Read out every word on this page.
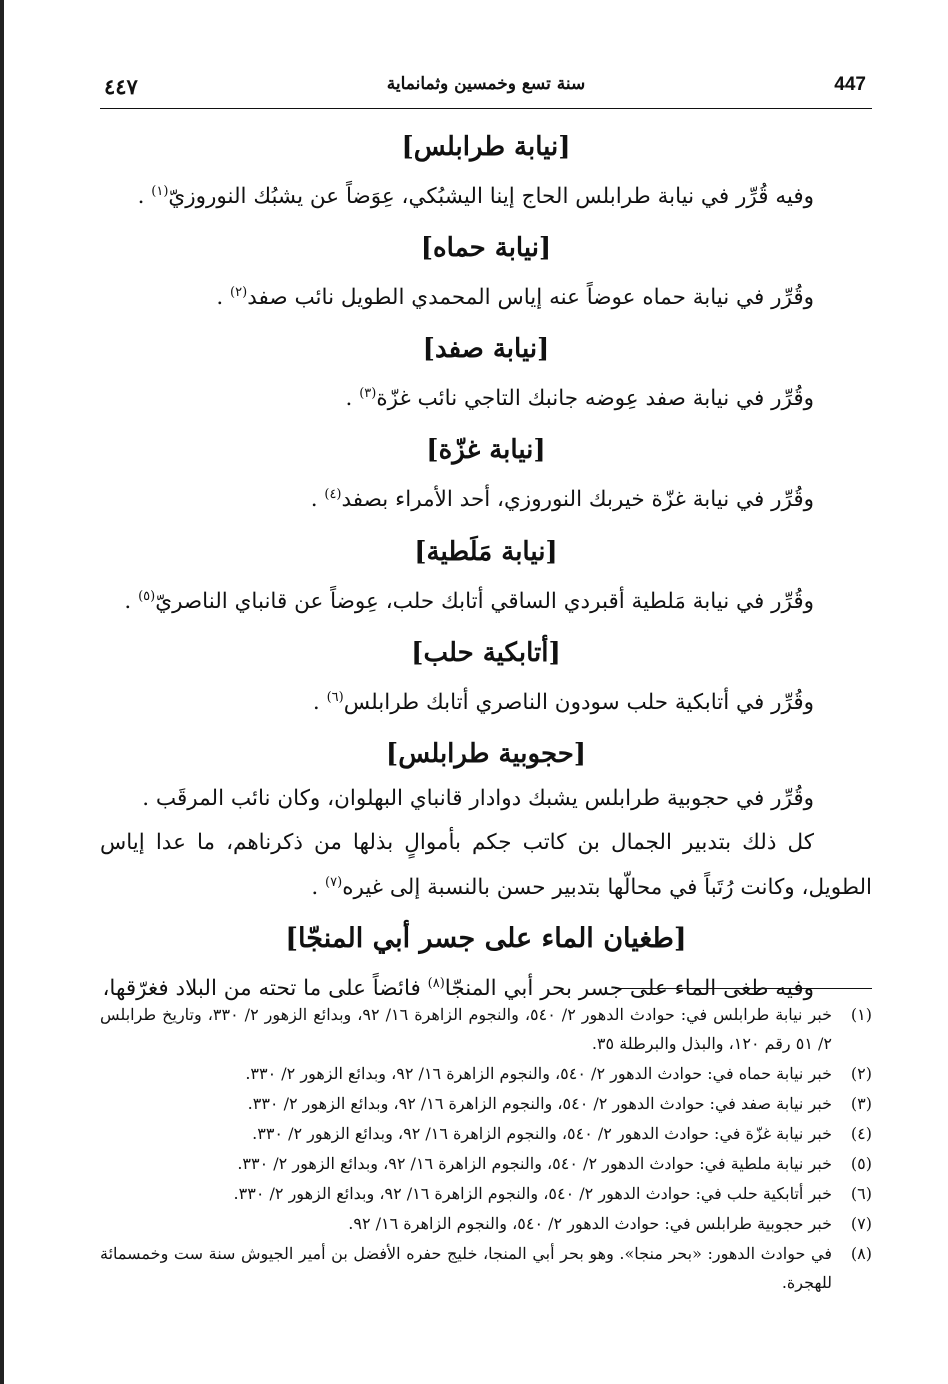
447
سنة تسع وخمسين وثمانماية
٤٤٧
[نيابة طرابلس]
وفيه قُرِّر في نيابة طرابلس الحاج إينا اليشبُكي، عِوَضاً عن يشبُك النوروزيّ$^{(١)}$ .
[نيابة حماه]
وقُرِّر في نيابة حماه عوضاً عنه إياس المحمدي الطويل نائب صفد$^{(٢)}$ .
[نيابة صفد]
وقُرِّر في نيابة صفد عِوضه جانبك التاجي نائب غزّة$^{(٣)}$ .
[نيابة غزّة]
وقُرِّر في نيابة غزّة خيربك النوروزي، أحد الأمراء بصفد$^{(٤)}$ .
[نيابة مَلَطية]
وقُرِّر في نيابة مَلطية أقبردي الساقي أتابك حلب، عِوضاً عن قانباي الناصريّ$^{(٥)}$ .
[أتابكية حلب]
وقُرِّر في أتابكية حلب سودون الناصري أتابك طرابلس$^{(٦)}$ .
[حجوبية طرابلس]
وقُرِّر في حجوبية طرابلس يشبك دوادار قانباي البهلوان، وكان نائب المرقَب .
كل ذلك بتدبير الجمال بن كاتب جكم بأموالٍ بذلها من ذكرناهم، ما عدا إياس الطويل، وكانت رُتَباً في محالّها بتدبير حسن بالنسبة إلى غيره$^{(٧)}$ .
[طغيان الماء على جسر أبي المنجّا]
وفيه طغى الماء على جسر بحر أبي المنجّا$^{(٨)}$ فائضاً على ما تحته من البلاد فغرّقها،
(١)
خبر نيابة طرابلس في: حوادث الدهور ٢/ ٥٤٠، والنجوم الزاهرة ١٦/ ٩٢، وبدائع الزهور ٢/ ٣٣٠، وتاريخ طرابلس ٢/ ٥١ رقم ١٢٠، والبذل والبرطلة ٣٥.
(٢)
خبر نيابة حماه في: حوادث الدهور ٢/ ٥٤٠، والنجوم الزاهرة ١٦/ ٩٢، وبدائع الزهور ٢/ ٣٣٠.
(٣)
خبر نيابة صفد في: حوادث الدهور ٢/ ٥٤٠، والنجوم الزاهرة ١٦/ ٩٢، وبدائع الزهور ٢/ ٣٣٠.
(٤)
خبر نيابة غزّة في: حوادث الدهور ٢/ ٥٤٠، والنجوم الزاهرة ١٦/ ٩٢، وبدائع الزهور ٢/ ٣٣٠.
(٥)
خبر نيابة ملطية في: حوادث الدهور ٢/ ٥٤٠، والنجوم الزاهرة ١٦/ ٩٢، وبدائع الزهور ٢/ ٣٣٠.
(٦)
خبر أتابكية حلب في: حوادث الدهور ٢/ ٥٤٠، والنجوم الزاهرة ١٦/ ٩٢، وبدائع الزهور ٢/ ٣٣٠.
(٧)
خبر حجوبية طرابلس في: حوادث الدهور ٢/ ٥٤٠، والنجوم الزاهرة ١٦/ ٩٢.
(٨)
في حوادث الدهور: «بحر منجا». وهو بحر أبي المنجا، خليج حفره الأفضل بن أمير الجيوش سنة ست وخمسمائة للهجرة.
